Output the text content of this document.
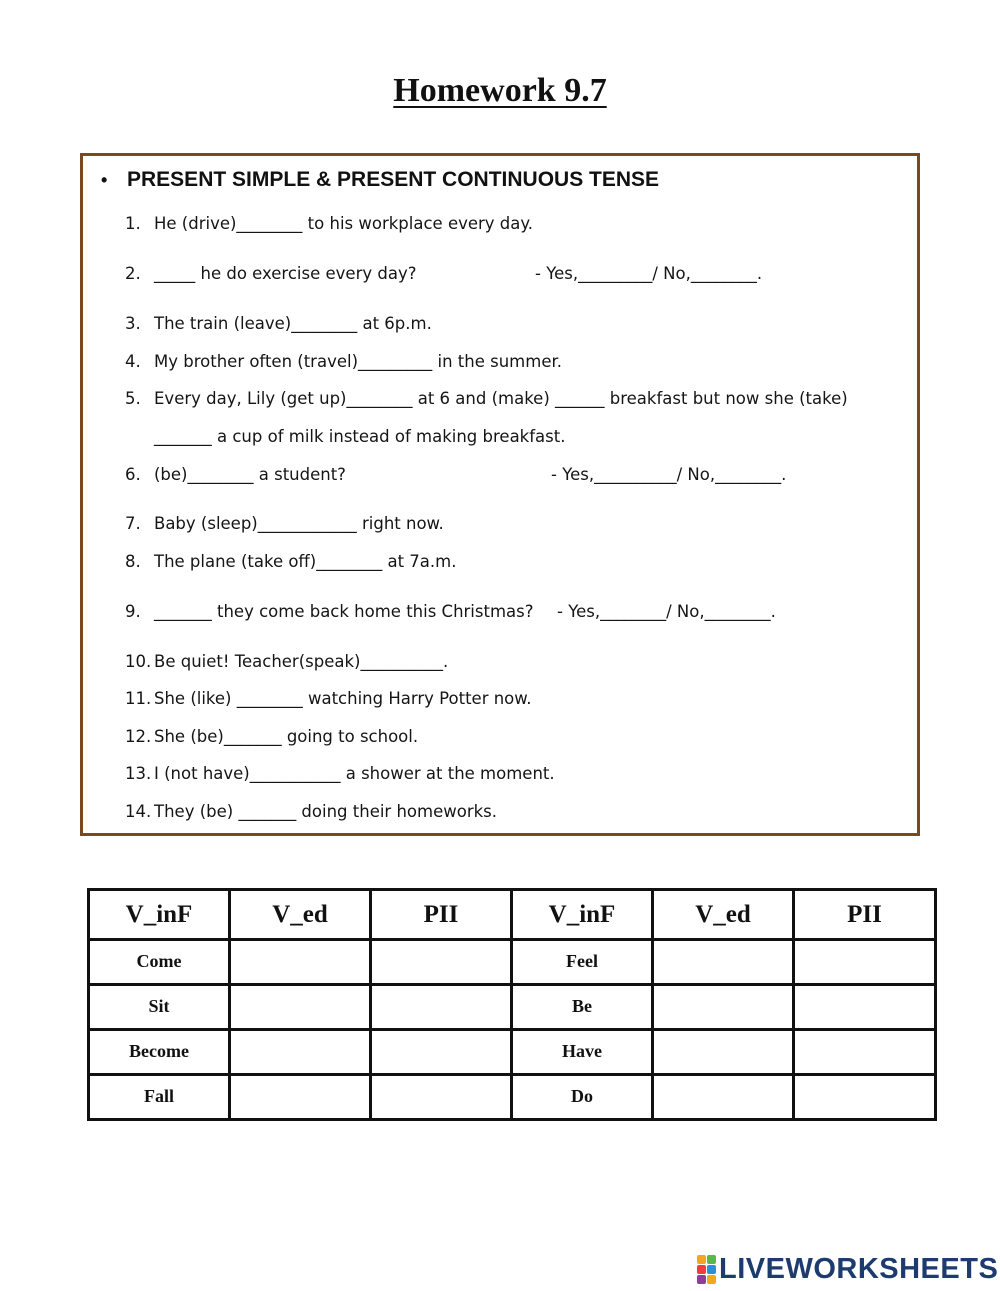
Homework 9.7
• PRESENT SIMPLE & PRESENT CONTINUOUS TENSE
1. He (drive)________ to his workplace every day.
2. _____ he do exercise every day?	- Yes,_________/ No,________.
3. The train (leave)________ at 6p.m.
4. My brother often (travel)_________ in the summer.
5. Every day, Lily (get up)________ at 6 and (make) ______ breakfast but now she (take)
_______ a cup of milk instead of making breakfast.
6. (be)________ a student?	- Yes,__________/ No,________.
7. Baby (sleep)____________ right now.
8. The plane (take off)________ at 7a.m.
9. _______ they come back home this Christmas? - Yes,________/ No,________.
10. Be quiet! Teacher(speak)__________.
11. She (like) ________ watching Harry Potter now.
12. She (be)_______ going to school.
13. I (not have)___________ a shower at the moment.
14. They (be) _______ doing their homeworks.
V_inF	V_ed	PII	V_inF	V_ed	PII
Come			Feel		
Sit			Be		
Become			Have		
Fall			Do		
LIVEWORKSHEETS
